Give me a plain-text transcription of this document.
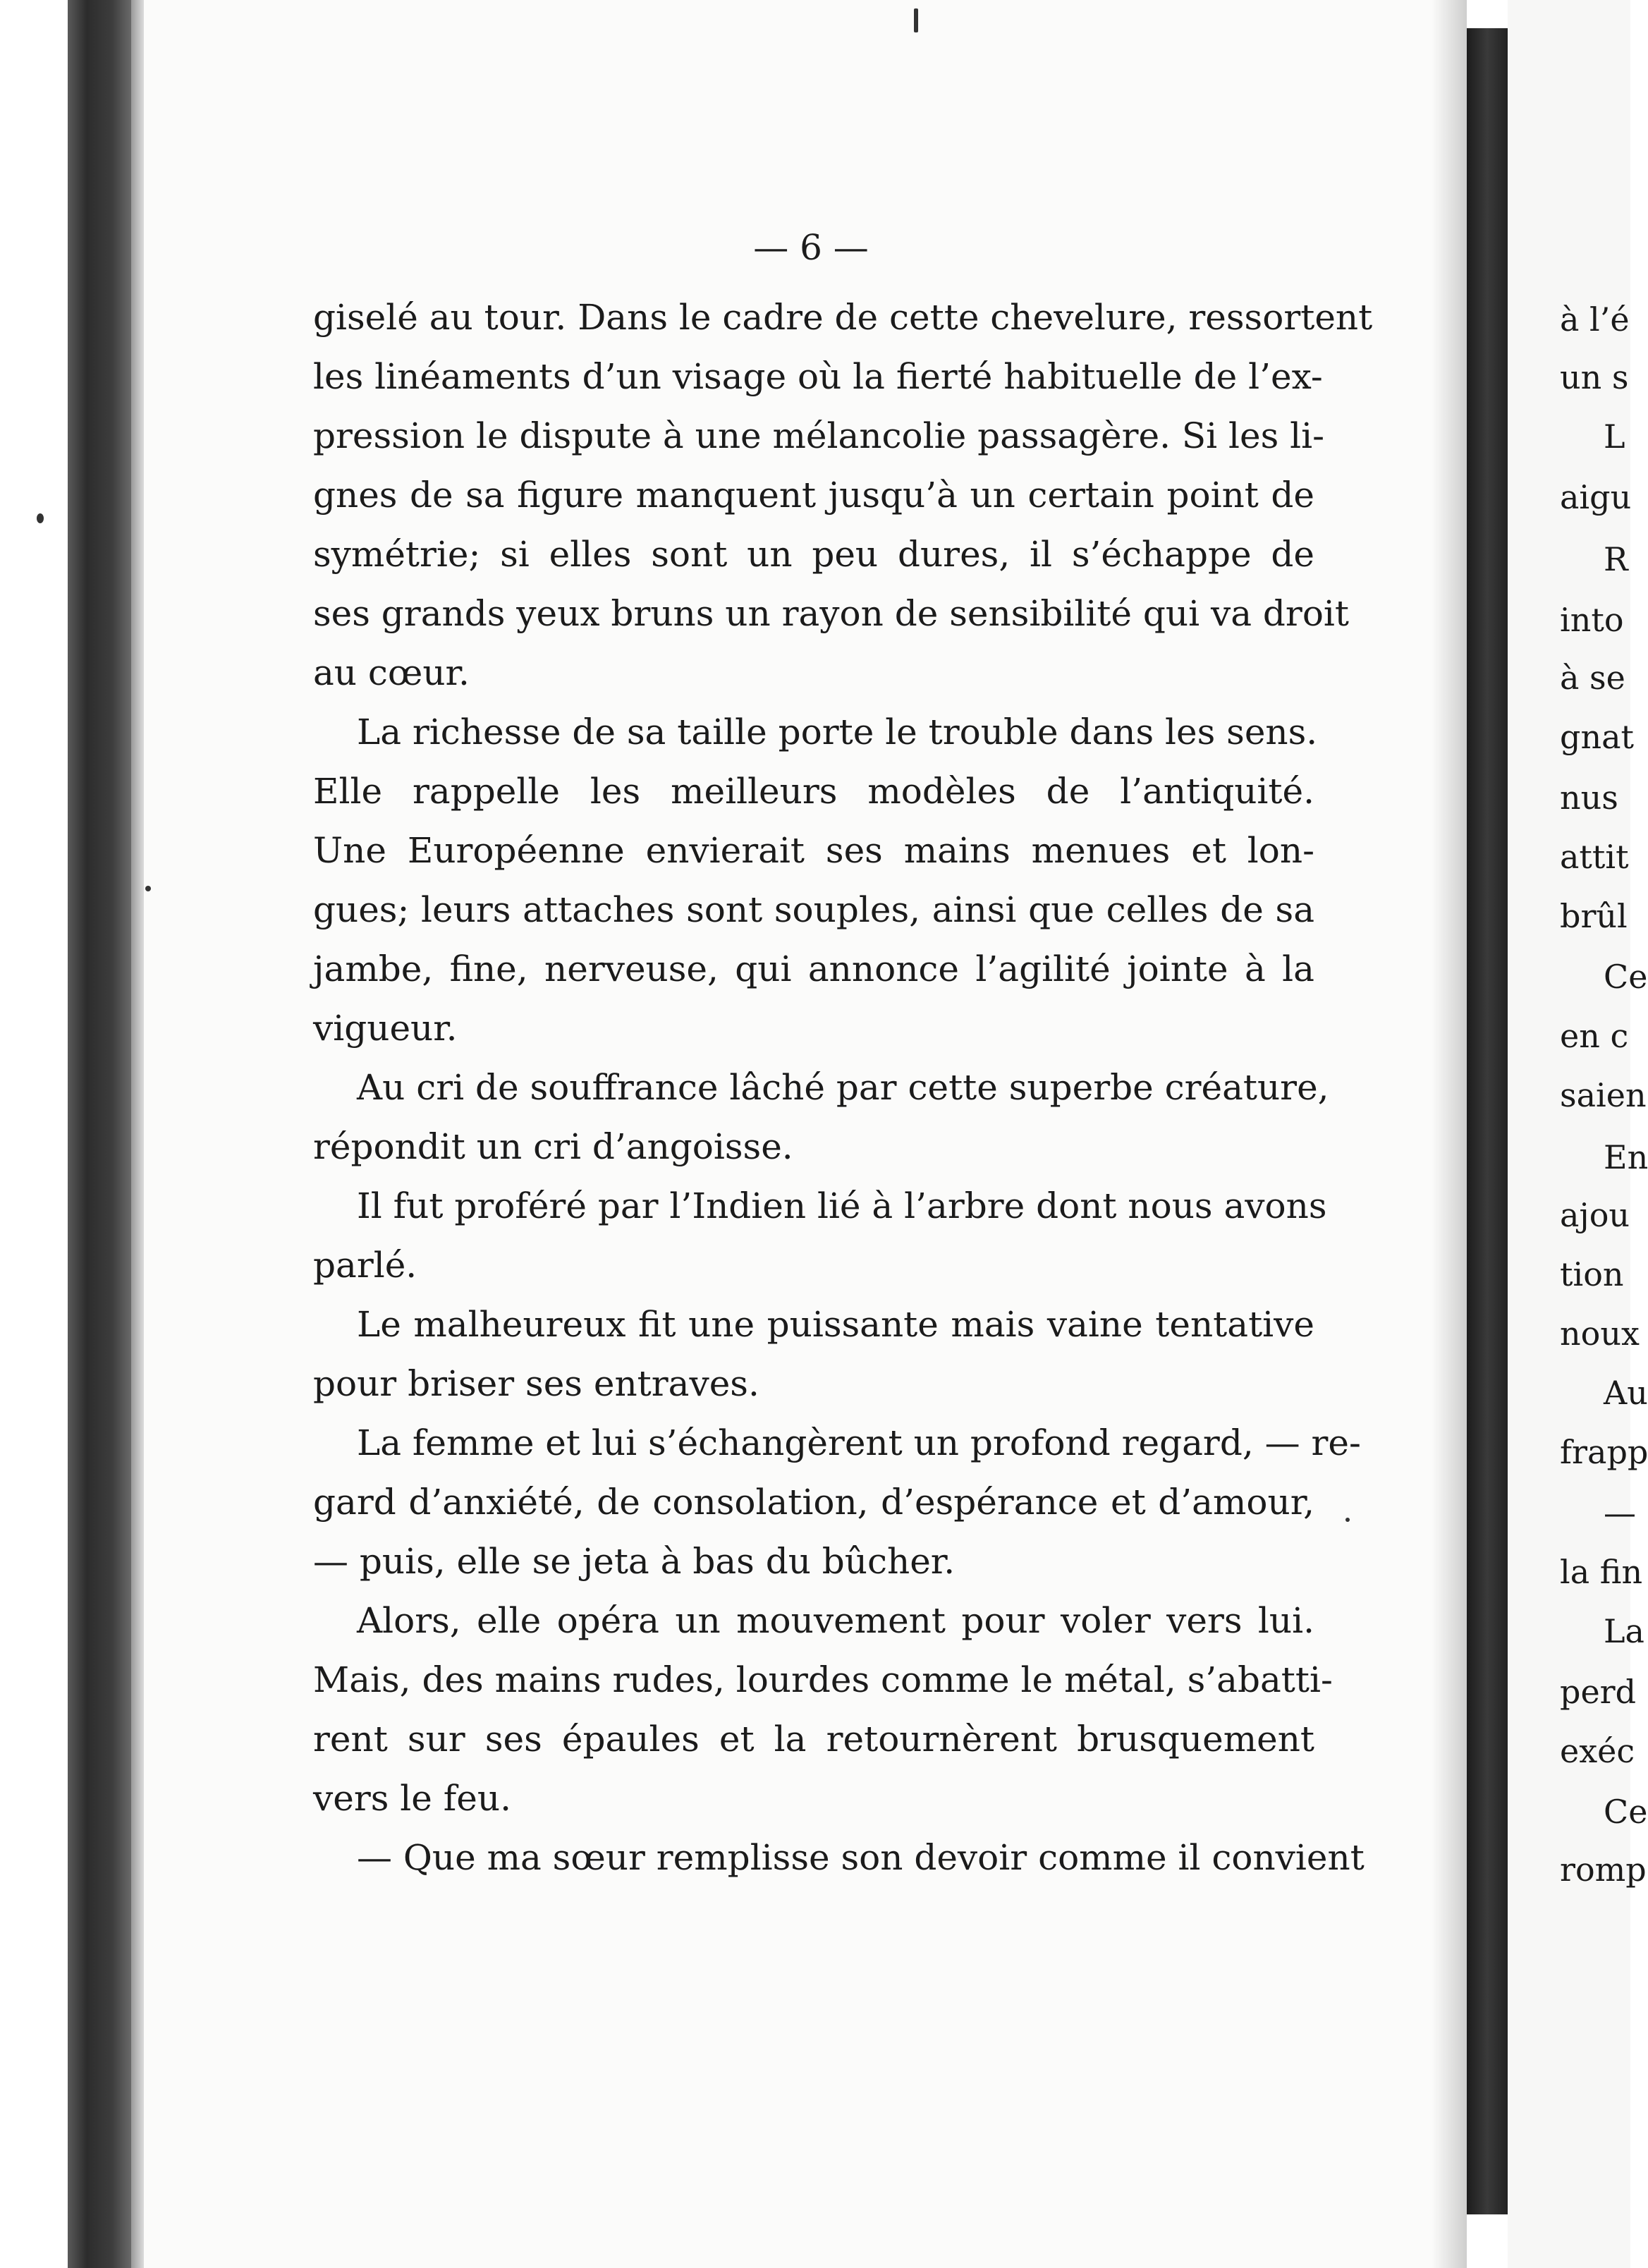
à l’é
un s
L
aigu
R
into
à se
gnat
nus
attit
brûl
Ce
en c
saien
En
ajou
tion
noux
Au
frapp
—
la fin
La
perd
exéc
Ce
romp
— 6 —
giselé au tour. Dans le cadre de cette chevelure, ressortent
les linéaments d’un visage où la fierté habituelle de l’ex-
pression le dispute à une mélancolie passagère. Si les li-
gnes de sa figure manquent jusqu’à un certain point de
symétrie; si elles sont un peu dures, il s’échappe de
ses grands yeux bruns un rayon de sensibilité qui va droit
au cœur.
La richesse de sa taille porte le trouble dans les sens.
Elle rappelle les meilleurs modèles de l’antiquité.
Une Européenne envierait ses mains menues et lon-
gues; leurs attaches sont souples, ainsi que celles de sa
jambe, fine, nerveuse, qui annonce l’agilité jointe à la
vigueur.
Au cri de souffrance lâché par cette superbe créature,
répondit un cri d’angoisse.
Il fut proféré par l’Indien lié à l’arbre dont nous avons
parlé.
Le malheureux fit une puissante mais vaine tentative
pour briser ses entraves.
La femme et lui s’échangèrent un profond regard, — re-
gard d’anxiété, de consolation, d’espérance et d’amour,
— puis, elle se jeta à bas du bûcher.
Alors, elle opéra un mouvement pour voler vers lui.
Mais, des mains rudes, lourdes comme le métal, s’abatti-
rent sur ses épaules et la retournèrent brusquement
vers le feu.
— Que ma sœur remplisse son devoir comme il convient
